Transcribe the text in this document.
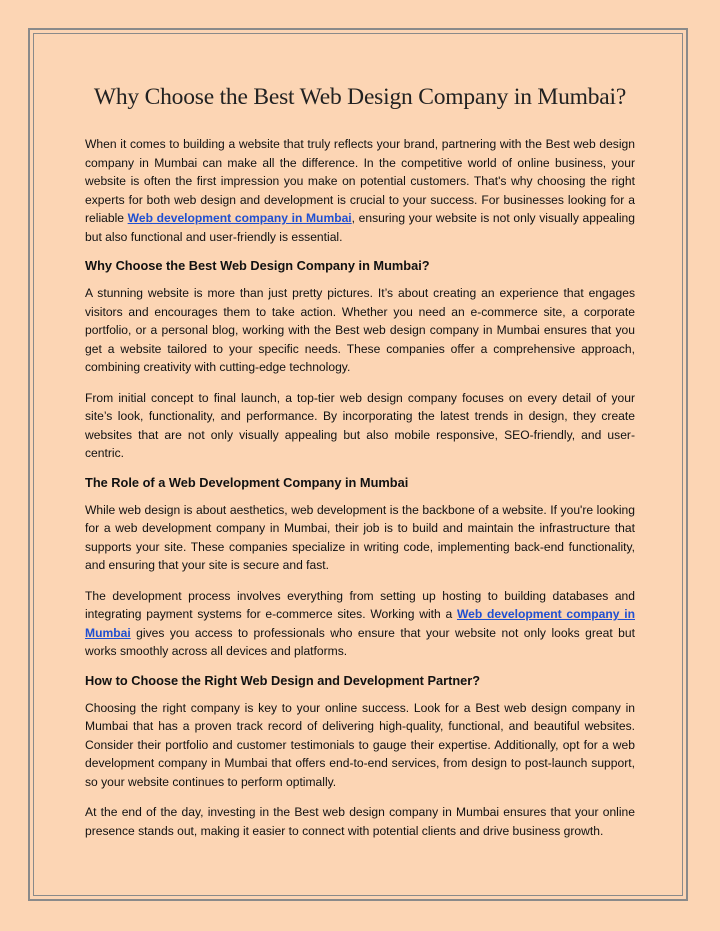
Why Choose the Best Web Design Company in Mumbai?

When it comes to building a website that truly reflects your brand, partnering with the Best web design company in Mumbai can make all the difference. In the competitive world of online business, your website is often the first impression you make on potential customers. That's why choosing the right experts for both web design and development is crucial to your success. For businesses looking for a reliable Web development company in Mumbai, ensuring your website is not only visually appealing but also functional and user-friendly is essential.

Why Choose the Best Web Design Company in Mumbai?

A stunning website is more than just pretty pictures. It’s about creating an experience that engages visitors and encourages them to take action. Whether you need an e-commerce site, a corporate portfolio, or a personal blog, working with the Best web design company in Mumbai ensures that you get a website tailored to your specific needs. These companies offer a comprehensive approach, combining creativity with cutting-edge technology.

From initial concept to final launch, a top-tier web design company focuses on every detail of your site’s look, functionality, and performance. By incorporating the latest trends in design, they create websites that are not only visually appealing but also mobile responsive, SEO-friendly, and user-centric.

The Role of a Web Development Company in Mumbai

While web design is about aesthetics, web development is the backbone of a website. If you're looking for a web development company in Mumbai, their job is to build and maintain the infrastructure that supports your site. These companies specialize in writing code, implementing back-end functionality, and ensuring that your site is secure and fast.

The development process involves everything from setting up hosting to building databases and integrating payment systems for e-commerce sites. Working with a Web development company in Mumbai gives you access to professionals who ensure that your website not only looks great but works smoothly across all devices and platforms.

How to Choose the Right Web Design and Development Partner?

Choosing the right company is key to your online success. Look for a Best web design company in Mumbai that has a proven track record of delivering high-quality, functional, and beautiful websites. Consider their portfolio and customer testimonials to gauge their expertise. Additionally, opt for a web development company in Mumbai that offers end-to-end services, from design to post-launch support, so your website continues to perform optimally.

At the end of the day, investing in the Best web design company in Mumbai ensures that your online presence stands out, making it easier to connect with potential clients and drive business growth.
